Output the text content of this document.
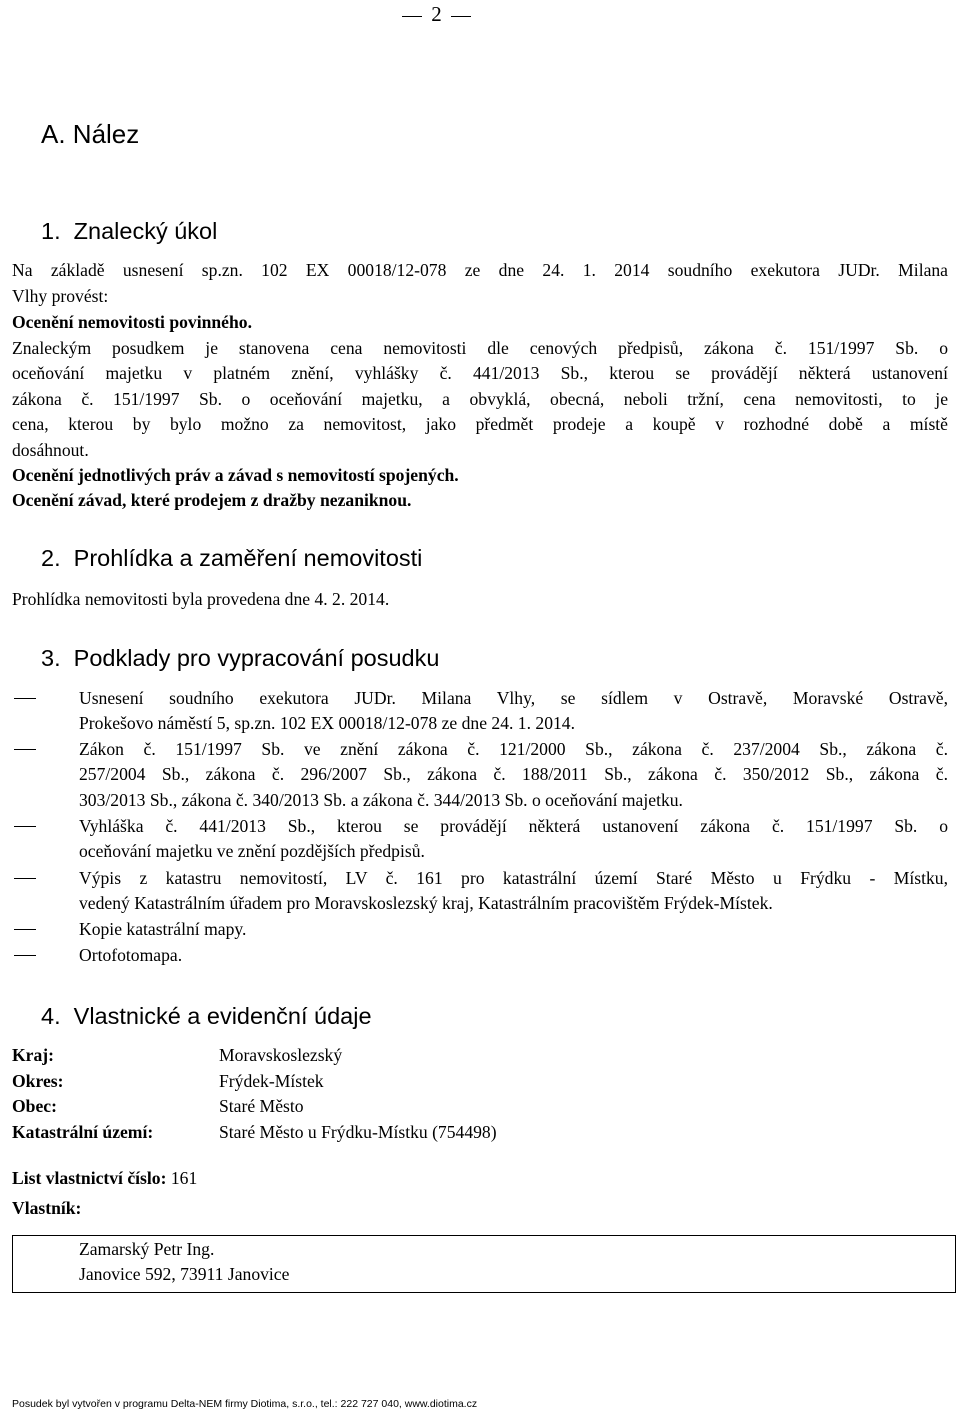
2
A. Nález
1.  Znalecký úkol
Na základě usnesení sp.zn. 102 EX 00018/12-078 ze dne 24. 1. 2014 soudního exekutora JUDr. Milana
Vlhy provést:
Ocenění nemovitosti povinného.
Znaleckým posudkem je stanovena cena nemovitosti dle cenových předpisů, zákona č. 151/1997 Sb. o
oceňování majetku v platném znění, vyhlášky č. 441/2013 Sb., kterou se provádějí některá ustanovení
zákona č. 151/1997 Sb. o oceňování majetku, a obvyklá, obecná, neboli tržní, cena nemovitosti, to je
cena, kterou by bylo možno za nemovitost, jako předmět prodeje a koupě v rozhodné době a místě
dosáhnout.
Ocenění jednotlivých práv a závad s nemovitostí spojených.
Ocenění závad, které prodejem z dražby nezaniknou.
2.  Prohlídka a zaměření nemovitosti
Prohlídka nemovitosti byla provedena dne 4. 2. 2014.
3.  Podklady pro vypracování posudku
Usnesení soudního exekutora JUDr. Milana Vlhy, se sídlem v Ostravě, Moravské Ostravě,
Prokešovo náměstí 5, sp.zn. 102 EX 00018/12-078 ze dne 24. 1. 2014.
Zákon č. 151/1997 Sb. ve znění zákona č. 121/2000 Sb., zákona č. 237/2004 Sb., zákona č.
257/2004 Sb., zákona č. 296/2007 Sb., zákona č. 188/2011 Sb., zákona č. 350/2012 Sb., zákona č.
303/2013 Sb., zákona č. 340/2013 Sb. a zákona č. 344/2013 Sb. o oceňování majetku.
Vyhláška č. 441/2013 Sb., kterou se provádějí některá ustanovení zákona č. 151/1997 Sb. o
oceňování majetku ve znění pozdějších předpisů.
Výpis z katastru nemovitostí, LV č. 161 pro katastrální území Staré Město u Frýdku - Místku,
vedený Katastrálním úřadem pro Moravskoslezský kraj, Katastrálním pracovištěm Frýdek-Místek.
Kopie katastrální mapy.
Ortofotomapa.
4.  Vlastnické a evidenční údaje
Kraj:	Moravskoslezský
Okres:	Frýdek-Místek
Obec:	Staré Město
Katastrální území:	Staré Město u Frýdku-Místku (754498)
List vlastnictví číslo: 161
Vlastník:
Zamarský Petr Ing.
Janovice 592, 73911 Janovice
Posudek byl vytvořen v programu Delta-NEM firmy Diotima, s.r.o., tel.: 222 727 040, www.diotima.cz
